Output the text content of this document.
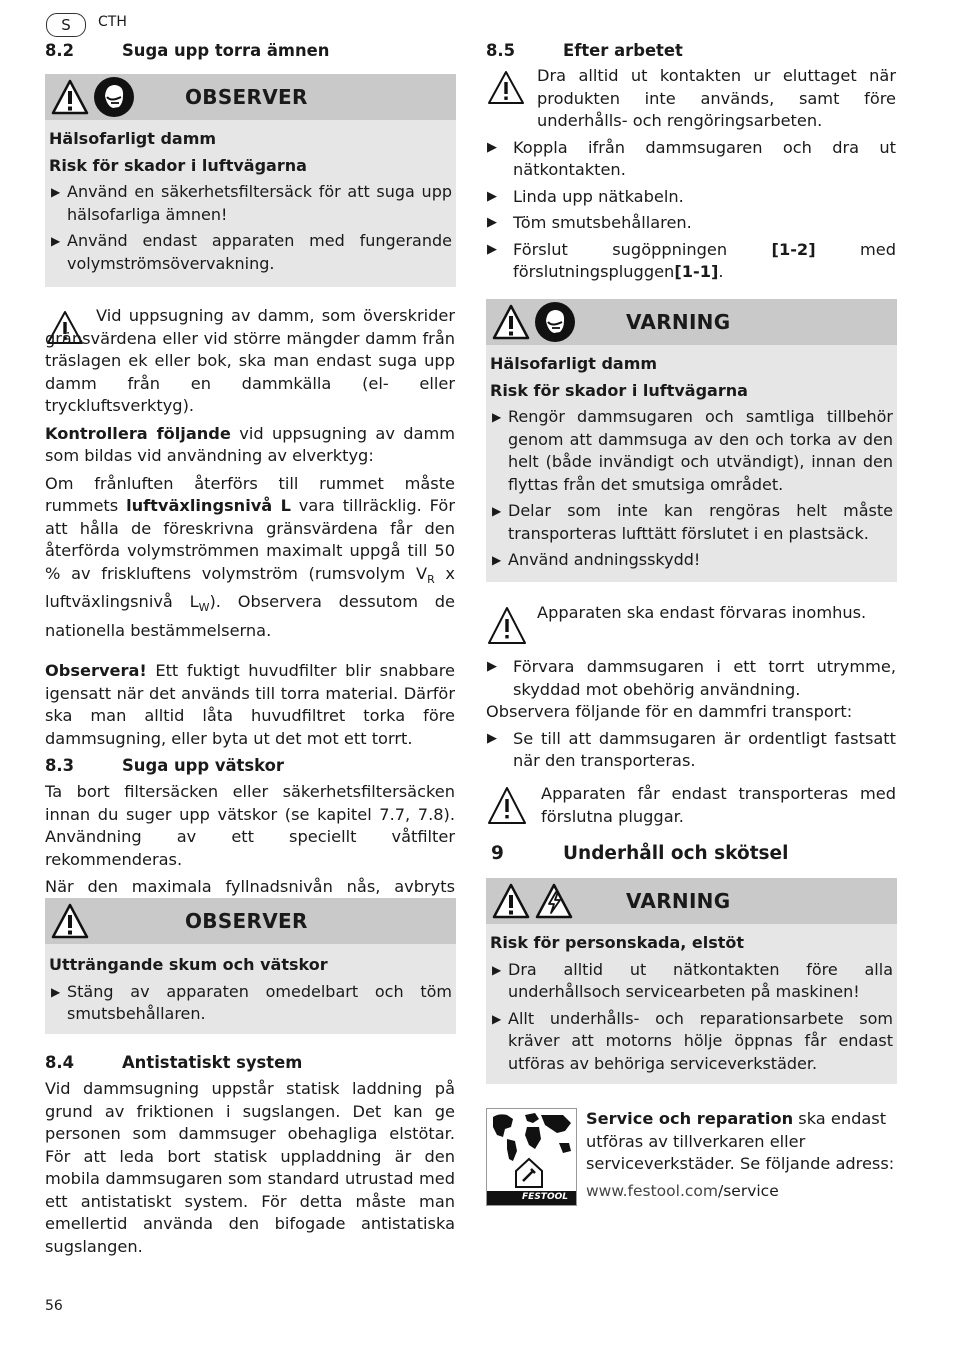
S	CTH
8.2	Suga upp torra ämnen
OBSERVER
Hälsofarligt damm
Risk för skador i luftvägarna
▶ Använd en säkerhetsfiltersäck för att suga upp hälsofarliga ämnen!
▶ Använd endast apparaten med fungerande volymströmsövervakning.

Vid uppsugning av damm, som överskrider gränsvärdena eller vid större mängder damm från träslagen ek eller bok, ska man endast suga upp damm från en dammkälla (el- eller tryckluftsverktyg).

Kontrollera följande vid uppsugning av damm som bildas vid användning av elverktyg:

Om frånluften återförs till rummet måste rummets luftväxlingsnivå L vara tillräcklig. För att hålla de föreskrivna gränsvärdena får den återförda volymströmmen maximalt uppgå till 50 % av friskluftens volymström (rumsvolym $V_R$ x luftväxlingsnivå $L_W$). Observera dessutom de nationella bestämmelserna.

Observera! Ett fuktigt huvudfilter blir snabbare igensatt när det används till torra material. Därför ska man alltid låta huvudfiltret torka före dammsugning, eller byta ut det mot ett torrt.

8.3	Suga upp vätskor

Ta bort filtersäcken eller säkerhetsfiltersäcken innan du suger upp vätskor (se kapitel 7.7, 7.8). Användning av ett speciellt våtfilter rekommenderas.

När den maximala fyllnadsnivån nås, avbryts

OBSERVER
Utträngande skum och vätskor
▶ Stäng av apparaten omedelbart och töm smutsbehållaren.
8.4	Antistatiskt system

Vid dammsugning uppstår statisk laddning på grund av friktionen i sugslangen. Det kan ge personen som dammsuger obehagliga elstötar. För att leda bort statisk uppladdning är den mobila dammsugaren som standard utrustad med ett antistatiskt system. För detta måste man emellertid använda den bifogade antistatiska sugslangen.

56
8.5	Efter arbetet

Dra alltid ut kontakten ur eluttaget när produkten inte används, samt före underhålls- och rengöringsarbeten.

▶ Koppla ifrån dammsugaren och dra ut nätkontakten.
▶ Linda upp nätkabeln.
▶ Töm smutsbehållaren.
▶ Förslut sugöppningen [1-2] med förslutningspluggen[1-1].
VARNING
Hälsofarligt damm
Risk för skador i luftvägarna
▶ Rengör dammsugaren och samtliga tillbehör genom att dammsuga av den och torka av den helt (både invändigt och utvändigt), innan den flyttas från det smutsiga området.
▶ Delar som inte kan rengöras helt måste transporteras lufttätt förslutet i en plastsäck.
▶ Använd andningsskydd!

Apparaten ska endast förvaras inomhus.

▶ Förvara dammsugaren i ett torrt utrymme, skyddad mot obehörig användning.

Observera följande för en dammfri transport:

▶ Se till att dammsugaren är ordentligt fastsatt när den transporteras.

Apparaten får endast transporteras med förslutna pluggar.

9	Underhåll och skötsel
VARNING
Risk för personskada, elstöt
▶ Dra alltid ut nätkontakten före alla underhållsoch servicearbeten på maskinen!
▶ Allt underhålls- och reparationsarbete som kräver att motorns hölje öppnas får endast utföras av behöriga serviceverkstäder.
FESTOOL

Service och reparation ska endast utföras av tillverkaren eller serviceverkstäder. Se följande adress:

www.festool.com/service
